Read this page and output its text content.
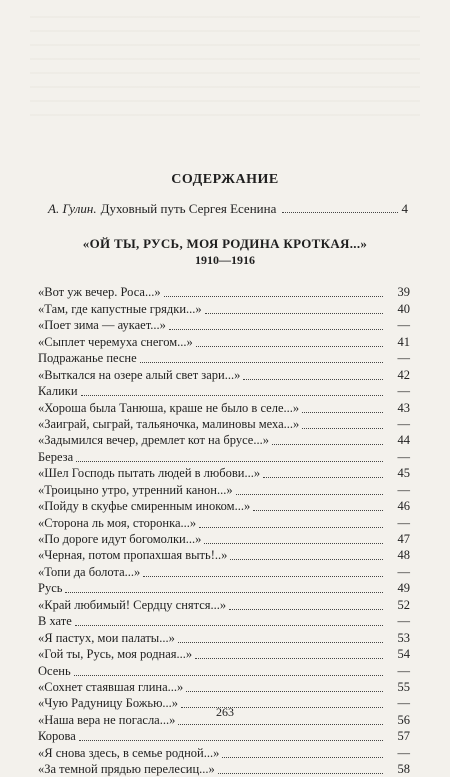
СОДЕРЖАНИЕ
А. Гулин. Духовный путь Сергея Есенина	4
«ОЙ ТЫ, РУСЬ, МОЯ РОДИНА КРОТКАЯ...»
1910—1916
«Вот уж вечер. Роса...»	39
«Там, где капустные грядки...»	40
«Поет зима — аукает...»	—
«Сыплет черемуха снегом...»	41
Подражанье песне	—
«Выткался на озере алый свет зари...»	42
Калики	—
«Хороша была Танюша, краше не было в селе...»	43
«Заиграй, сыграй, тальяночка, малиновы меха...»	—
«Задымился вечер, дремлет кот на брусе...»	44
Береза	—
«Шел Господь пытать людей в любови...»	45
«Троицыно утро, утренний канон...»	—
«Пойду в скуфье смиренным иноком...»	46
«Сторона ль моя, сторонка...»	—
«По дороге идут богомолки...»	47
«Черная, потом пропахшая выть!..»	48
«Топи да болота...»	—
Русь	49
«Край любимый! Сердцу снятся...»	52
В хате	—
«Я пастух, мои палаты...»	53
«Гой ты, Русь, моя родная...»	54
Осень	—
«Сохнет стаявшая глина...»	55
«Чую Радуницу Божью...»	—
«Наша вера не погасла...»	56
Корова	57
«Я снова здесь, в семье родной...»	—
«За темной прядью перелесиц...»	58
263
